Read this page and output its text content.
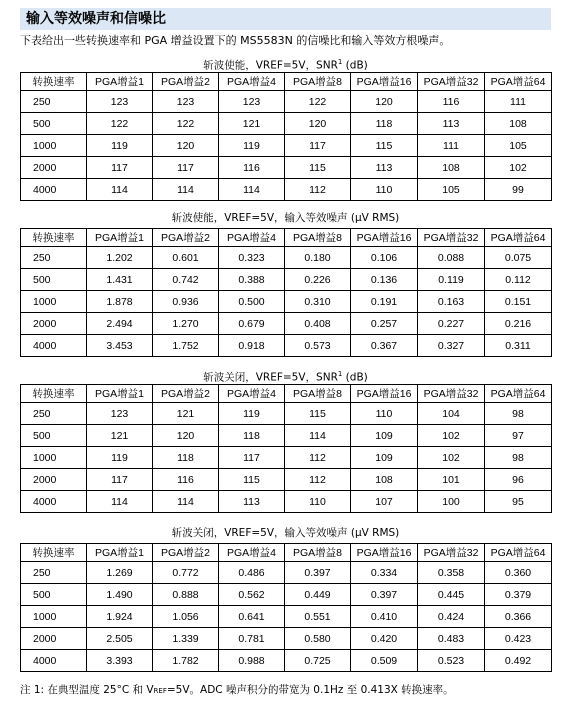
输入等效噪声和信噪比
下表给出一些转换速率和 PGA 增益设置下的 MS5583N 的信噪比和输入等效方根噪声。
斩波使能，VREF=5V，SNR$^1$ (dB)
转换速率	PGA增益1	PGA增益2	PGA增益4	PGA增益8	PGA增益16	PGA增益32	PGA增益64
250	123	123	123	122	120	116	111
500	122	122	121	120	118	113	108
1000	119	120	119	117	115	111	105
2000	117	117	116	115	113	108	102
4000	114	114	114	112	110	105	99
斩波使能，VREF=5V，输入等效噪声 (μV RMS)
转换速率	PGA增益1	PGA增益2	PGA增益4	PGA增益8	PGA增益16	PGA增益32	PGA增益64
250	1.202	0.601	0.323	0.180	0.106	0.088	0.075
500	1.431	0.742	0.388	0.226	0.136	0.119	0.112
1000	1.878	0.936	0.500	0.310	0.191	0.163	0.151
2000	2.494	1.270	0.679	0.408	0.257	0.227	0.216
4000	3.453	1.752	0.918	0.573	0.367	0.327	0.311
斩波关闭，VREF=5V，SNR$^1$ (dB)
转换速率	PGA增益1	PGA增益2	PGA增益4	PGA增益8	PGA增益16	PGA增益32	PGA增益64
250	123	121	119	115	110	104	98
500	121	120	118	114	109	102	97
1000	119	118	117	112	109	102	98
2000	117	116	115	112	108	101	96
4000	114	114	113	110	107	100	95
斩波关闭，VREF=5V，输入等效噪声 (μV RMS)
转换速率	PGA增益1	PGA增益2	PGA增益4	PGA增益8	PGA增益16	PGA增益32	PGA增益64
250	1.269	0.772	0.486	0.397	0.334	0.358	0.360
500	1.490	0.888	0.562	0.449	0.397	0.445	0.379
1000	1.924	1.056	0.641	0.551	0.410	0.424	0.366
2000	2.505	1.339	0.781	0.580	0.420	0.483	0.423
4000	3.393	1.782	0.988	0.725	0.509	0.523	0.492
注 1: 在典型温度 25°C 和 VREF=5V。ADC 噪声积分的带宽为 0.1Hz 至 0.413X 转换速率。
